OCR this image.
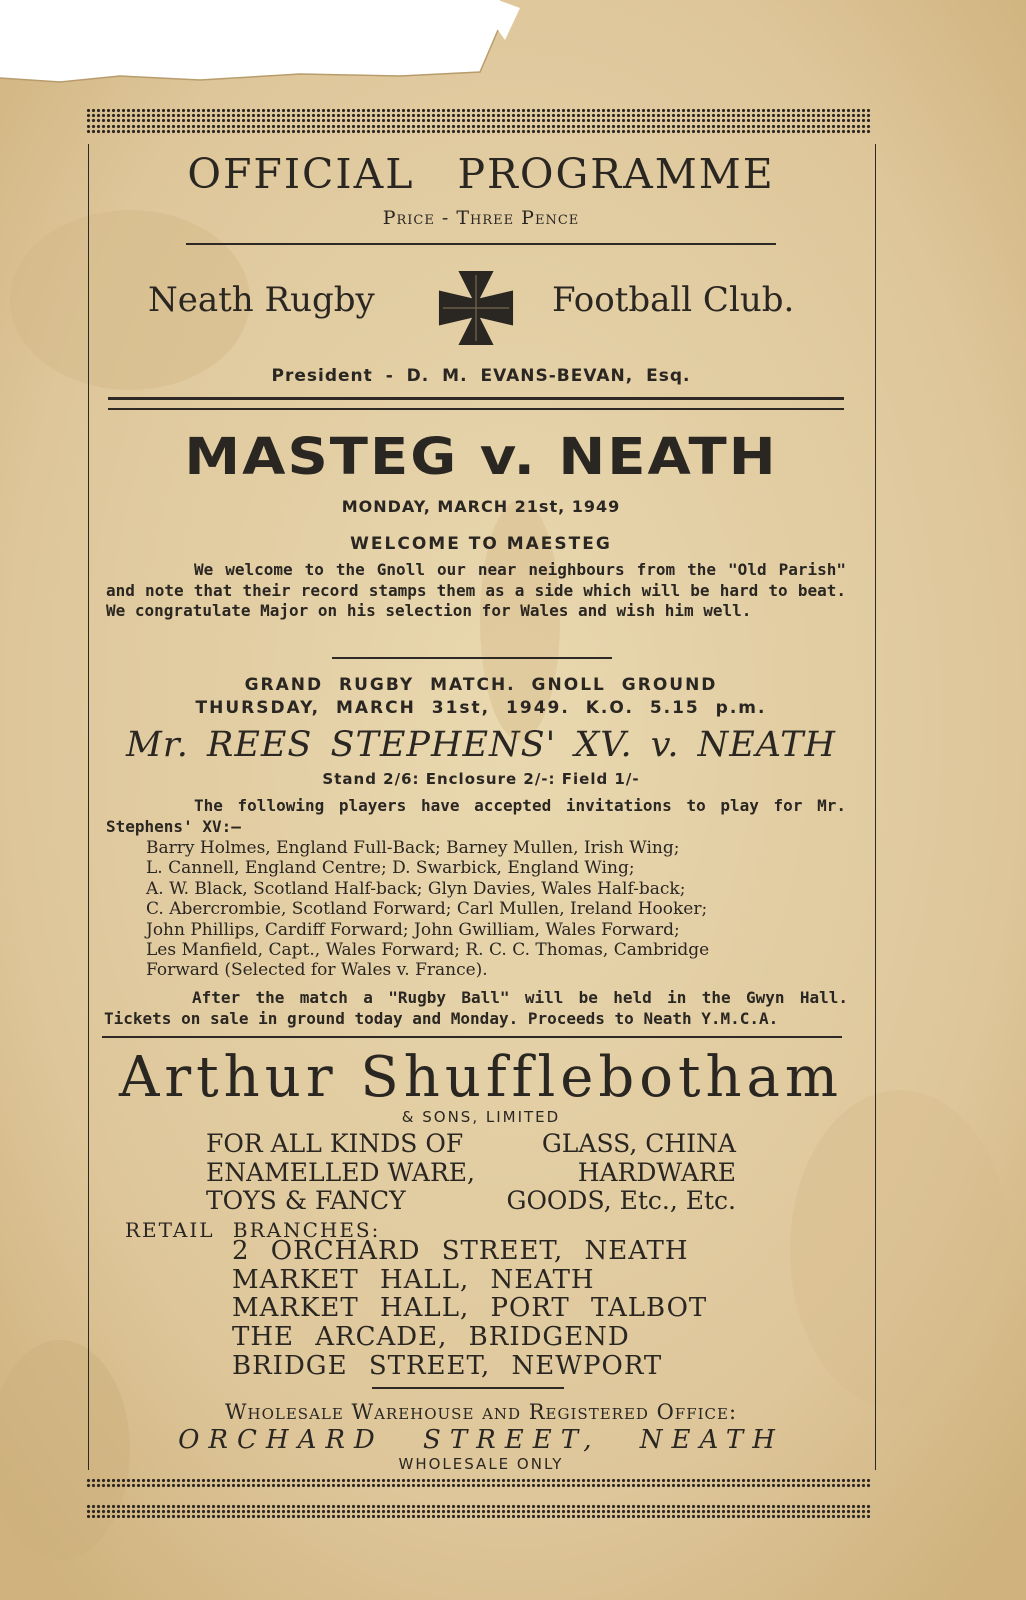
OFFICIAL PROGRAMME
Price - Three Pence
Neath Rugby	Football Club.
President - D. M. EVANS-BEVAN, Esq.
MASTEG v. NEATH
MONDAY, MARCH 21st, 1949
WELCOME TO MAESTEG
We welcome to the Gnoll our near neighbours from the "Old Parish" and note that their record stamps them as a side which will be hard to beat. We congratulate Major on his selection for Wales and wish him well.
GRAND RUGBY MATCH. GNOLL GROUND
THURSDAY, MARCH 31st, 1949. K.O. 5.15 p.m.
Mr. REES STEPHENS' XV. v. NEATH
Stand 2/6: Enclosure 2/-: Field 1/-
The following players have accepted invitations to play for Mr. Stephens' XV:—
Barry Holmes, England Full-Back; Barney Mullen, Irish Wing;
L. Cannell, England Centre; D. Swarbick, England Wing;
A. W. Black, Scotland Half-back; Glyn Davies, Wales Half-back;
C. Abercrombie, Scotland Forward; Carl Mullen, Ireland Hooker;
John Phillips, Cardiff Forward; John Gwilliam, Wales Forward;
Les Manfield, Capt., Wales Forward; R. C. C. Thomas, Cambridge
Forward (Selected for Wales v. France).
After the match a "Rugby Ball" will be held in the Gwyn Hall. Tickets on sale in ground today and Monday. Proceeds to Neath Y.M.C.A.
Arthur Shufflebotham
& SONS, LIMITED
FOR ALL KINDS OF	GLASS, CHINA
ENAMELLED WARE,	HARDWARE
TOYS & FANCY	GOODS, Etc., Etc.
RETAIL BRANCHES:
2 ORCHARD STREET, NEATH
MARKET HALL, NEATH
MARKET HALL, PORT TALBOT
THE ARCADE, BRIDGEND
BRIDGE STREET, NEWPORT
Wholesale Warehouse and Registered Office:
ORCHARD STREET, NEATH
WHOLESALE ONLY
